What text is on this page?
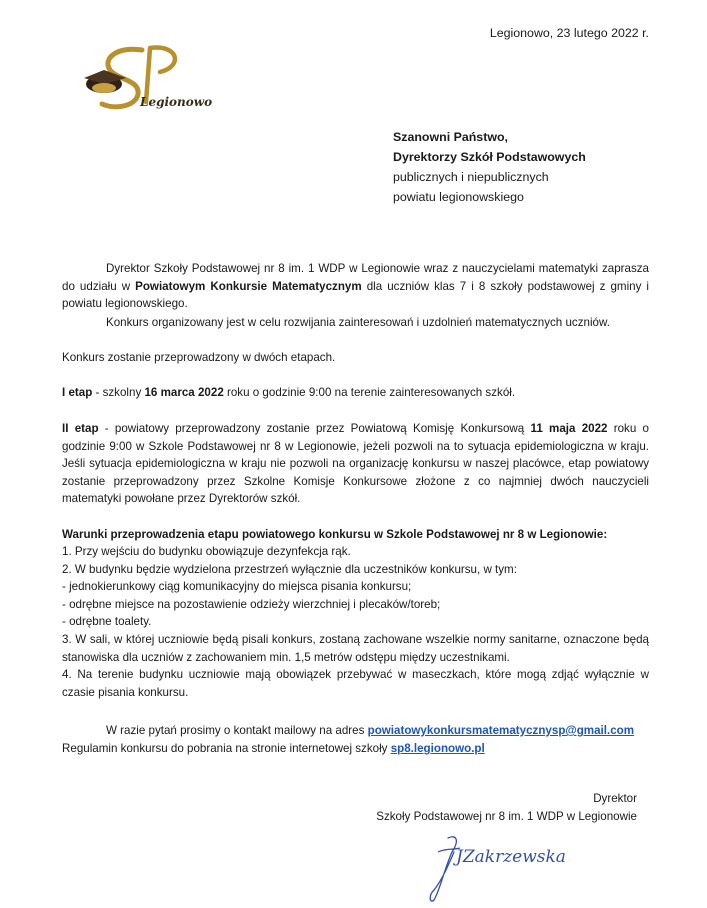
Legionowo, 23 lutego 2022 r.
Legionowo
Szanowni Państwo,
Dyrektorzy Szkół Podstawowych
publicznych i niepublicznych
powiatu legionowskiego

Dyrektor Szkoły Podstawowej nr 8 im. 1 WDP w Legionowie wraz z nauczycielami matematyki zaprasza do udziału w Powiatowym Konkursie Matematycznym dla uczniów klas 7 i 8 szkoły podstawowej z gminy i powiatu legionowskiego.

Konkurs organizowany jest w celu rozwijania zainteresowań i uzdolnień matematycznych uczniów.

Konkurs zostanie przeprowadzony w dwóch etapach.

I etap - szkolny 16 marca 2022 roku o godzinie 9:00 na terenie zainteresowanych szkół.

II etap - powiatowy przeprowadzony zostanie przez Powiatową Komisję Konkursową 11 maja 2022 roku o godzinie 9:00 w Szkole Podstawowej nr 8 w Legionowie, jeżeli pozwoli na to sytuacja epidemiologiczna w kraju. Jeśli sytuacja epidemiologiczna w kraju nie pozwoli na organizację konkursu w naszej placówce, etap powiatowy zostanie przeprowadzony przez Szkolne Komisje Konkursowe złożone z co najmniej dwóch nauczycieli matematyki powołane przez Dyrektorów szkół.

Warunki przeprowadzenia etapu powiatowego konkursu w Szkole Podstawowej nr 8 w Legionowie:

1. Przy wejściu do budynku obowiązuje dezynfekcja rąk.
2. W budynku będzie wydzielona przestrzeń wyłącznie dla uczestników konkursu, w tym:
- jednokierunkowy ciąg komunikacyjny do miejsca pisania konkursu;
- odrębne miejsce na pozostawienie odzieży wierzchniej i plecaków/toreb;
- odrębne toalety.
3. W sali, w której uczniowie będą pisali konkurs, zostaną zachowane wszelkie normy sanitarne, oznaczone będą stanowiska dla uczniów z zachowaniem min. 1,5 metrów odstępu między uczestnikami.
4. Na terenie budynku uczniowie mają obowiązek przebywać w maseczkach, które mogą zdjąć wyłącznie w czasie pisania konkursu.

W razie pytań prosimy o kontakt mailowy na adres powiatowykonkursmatematycznysp@gmail.com

Regulamin konkursu do pobrania na stronie internetowej szkoły sp8.legionowo.pl

Dyrektor
Szkoły Podstawowej nr 8 im. 1 WDP w Legionowie
JZakrzewska
